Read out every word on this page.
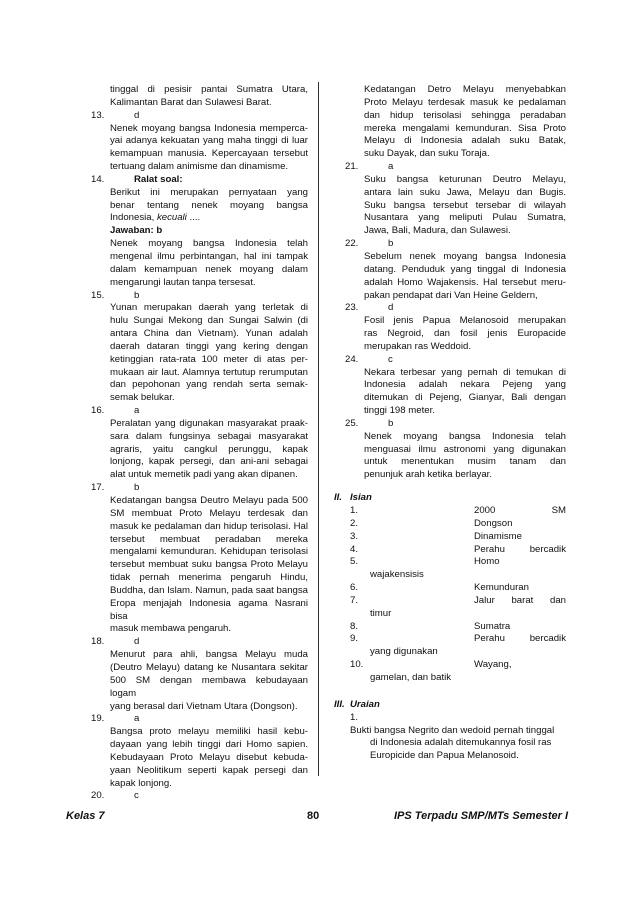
tinggal di pesisir pantai Sumatra Utara,
Kalimantan Barat dan Sulawesi Barat.
13.	d
Nenek moyang bangsa Indonesia memperca-
yai adanya kekuatan yang maha tinggi di luar
kemampuan manusia. Kepercayaan tersebut
tertuang dalam animisme dan dinamisme.
14.	Ralat soal:
Berikut ini merupakan pernyataan yang
benar tentang nenek moyang bangsa
Indonesia, kecuali ....
Jawaban: b
Nenek moyang bangsa Indonesia telah
mengenal ilmu perbintangan, hal ini tampak
dalam kemampuan nenek moyang dalam
mengarungi lautan tanpa tersesat.
15.	b
Yunan merupakan daerah yang terletak di
hulu Sungai Mekong dan Sungai Salwin (di
antara China dan Vietnam). Yunan adalah
daerah dataran tinggi yang kering dengan
ketinggian rata-rata 100 meter di atas per-
mukaan air laut. Alamnya tertutup rerumputan
dan pepohonan yang rendah serta semak-
semak belukar.
16.	a
Peralatan yang digunakan masyarakat praak-
sara dalam fungsinya sebagai masyarakat
agraris, yaitu cangkul perunggu, kapak
lonjong, kapak persegi, dan ani-ani sebagai
alat untuk memetik padi yang akan dipanen.
17.	b
Kedatangan bangsa Deutro Melayu pada 500
SM membuat Proto Melayu terdesak dan
masuk ke pedalaman dan hidup terisolasi. Hal
tersebut membuat peradaban mereka
mengalami kemunduran. Kehidupan terisolasi
tersebut membuat suku bangsa Proto Melayu
tidak pernah menerima pengaruh Hindu,
Buddha, dan Islam. Namun, pada saat bangsa
Eropa menjajah Indonesia agama Nasrani bisa
masuk membawa pengaruh.
18.	d
Menurut para ahli, bangsa Melayu muda
(Deutro Melayu) datang ke Nusantara sekitar
500 SM dengan membawa kebudayaan logam
yang berasal dari Vietnam Utara (Dongson).
19.	a
Bangsa proto melayu memiliki hasil kebu-
dayaan yang lebih tinggi dari Homo sapien.
Kebudayaan Proto Melayu disebut kebuda-
yaan Neolitikum seperti kapak persegi dan
kapak lonjong.
20.	c
Kedatangan Detro Melayu menyebabkan
Proto Melayu terdesak masuk ke pedalaman
dan hidup terisolasi sehingga peradaban
mereka mengalami kemunduran. Sisa Proto
Melayu di Indonesia adalah suku Batak,
suku Dayak, dan suku Toraja.
21.	a
Suku bangsa keturunan Deutro Melayu,
antara lain suku Jawa, Melayu dan Bugis.
Suku bangsa tersebut tersebar di wilayah
Nusantara yang meliputi Pulau Sumatra,
Jawa, Bali, Madura, dan Sulawesi.
22.	b
Sebelum nenek moyang bangsa Indonesia
datang. Penduduk yang tinggal di Indonesia
adalah Homo Wajakensis. Hal tersebut meru-
pakan pendapat dari Van Heine Geldern,
23.	d
Fosil jenis Papua Melanosoid merupakan
ras Negroid, dan fosil jenis Europacide
merupakan ras Weddoid.
24.	c
Nekara terbesar yang pernah di temukan di
Indonesia adalah nekara Pejeng yang
ditemukan di Pejeng, Gianyar, Bali dengan
tinggi 198 meter.
25.	b
Nenek moyang bangsa Indonesia telah
menguasai ilmu astronomi yang digunakan
untuk menentukan musim tanam dan
penunjuk arah ketika berlayar.
II. Isian
1.	2000 SM
2.	Dongson
3.	Dinamisme
4.	Perahu bercadik
5.	Homo
wajakensisis
6.	Kemunduran
7.	Jalur barat dan
timur
8.	Sumatra
9.	Perahu bercadik
yang digunakan
10.	Wayang,
gamelan, dan batik
III. Uraian
1.
Bukti bangsa Negrito dan wedoid pernah tinggal
di Indonesia adalah ditemukannya fosil ras
Europicide dan Papua Melanosoid.
Kelas 7	80	IPS Terpadu SMP/MTs Semester I
